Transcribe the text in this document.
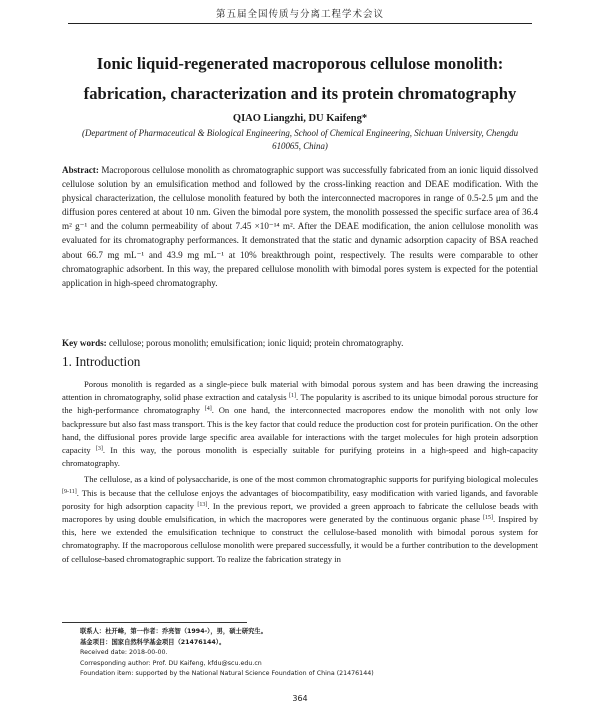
第五届全国传质与分离工程学术会议
Ionic liquid-regenerated macroporous cellulose monolith:
fabrication, characterization and its protein chromatography
QIAO Liangzhi, DU Kaifeng*
(Department of Pharmaceutical & Biological Engineering, School of Chemical Engineering, Sichuan University, Chengdu 610065, China)
Abstract: Macroporous cellulose monolith as chromatographic support was successfully fabricated from an ionic liquid dissolved cellulose solution by an emulsification method and followed by the cross-linking reaction and DEAE modification. With the physical characterization, the cellulose monolith featured by both the interconnected macropores in range of 0.5-2.5 μm and the diffusion pores centered at about 10 nm. Given the bimodal pore system, the monolith possessed the specific surface area of 36.4 m² g⁻¹ and the column permeability of about 7.45 ×10⁻¹⁴ m². After the DEAE modification, the anion cellulose monolith was evaluated for its chromatography performances. It demonstrated that the static and dynamic adsorption capacity of BSA reached about 66.7 mg mL⁻¹ and 43.9 mg mL⁻¹ at 10% breakthrough point, respectively. The results were comparable to other chromatographic adsorbent. In this way, the prepared cellulose monolith with bimodal pores system is expected for the potential application in high-speed chromatography.
Key words: cellulose; porous monolith; emulsification; ionic liquid; protein chromatography.
1. Introduction

Porous monolith is regarded as a single-piece bulk material with bimodal porous system and has been drawing the increasing attention in chromatography, solid phase extraction and catalysis [1]. The popularity is ascribed to its unique bimodal porous structure for the high-performance chromatography [4]. On one hand, the interconnected macropores endow the monolith with not only low backpressure but also fast mass transport. This is the key factor that could reduce the production cost for protein purification. On the other hand, the diffusional pores provide large specific area available for interactions with the target molecules for high protein adsorption capacity [3]. In this way, the porous monolith is especially suitable for purifying proteins in a high-speed and high-capacity chromatography.

The cellulose, as a kind of polysaccharide, is one of the most common chromatographic supports for purifying biological molecules [9-11]. This is because that the cellulose enjoys the advantages of biocompatibility, easy modification with varied ligands, and favorable porosity for high adsorption capacity [13]. In the previous report, we provided a green approach to fabricate the cellulose beads with macropores by using double emulsification, in which the macropores were generated by the continuous organic phase [15]. Inspired by this, here we extended the emulsification technique to construct the cellulose-based monolith with bimodal porous system for chromatography. If the macroporous cellulose monolith were prepared successfully, it would be a further contribution to the development of cellulose-based chromatographic support. To realize the fabrication strategy in

联系人：杜开峰，第一作者：乔亮智（1994-），男，硕士研究生。
基金项目：国家自然科学基金项目（21476144）。
Received date: 2018-00-00.
Corresponding author: Prof. DU Kaifeng, kfdu@scu.edu.cn
Foundation item: supported by the National Natural Science Foundation of China (21476144)
364
